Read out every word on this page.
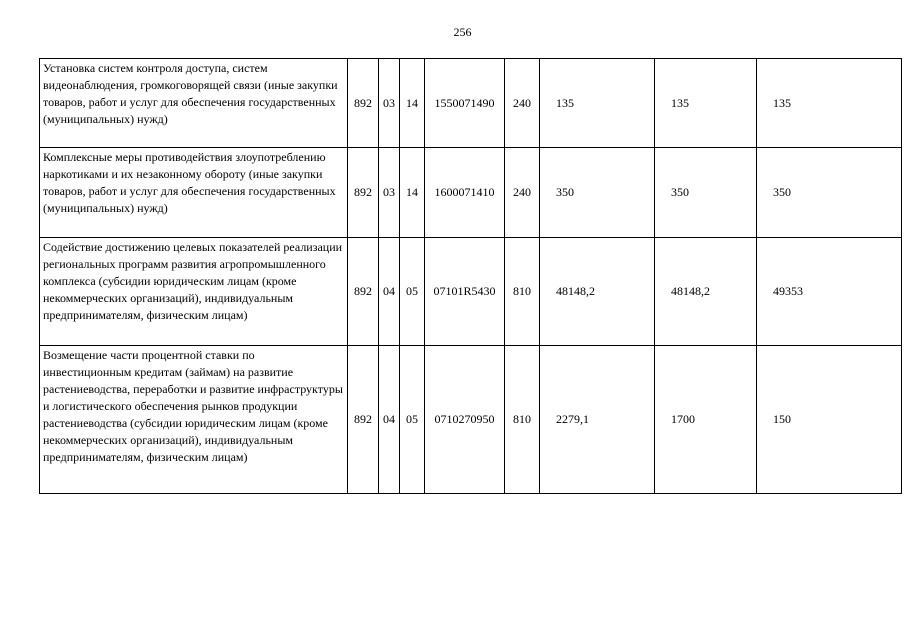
256
Установка систем контроля доступа, систем видеонаблюдения, громкоговорящей связи (иные закупки товаров, работ и услуг для обеспечения государственных (муниципальных) нужд)	892	03	14	1550071490	240	135	135	135
Комплексные меры противодействия злоупотреблению наркотиками и их незаконному обороту (иные закупки товаров, работ и услуг для обеспечения государственных (муниципальных) нужд)	892	03	14	1600071410	240	350	350	350
Содействие достижению целевых показателей реализации региональных программ развития агропромышленного комплекса (субсидии юридическим лицам (кроме некоммерческих организаций), индивидуальным предпринимателям, физическим лицам)	892	04	05	07101R5430	810	48148,2	48148,2	49353
Возмещение части процентной ставки по инвестиционным кредитам (займам) на развитие растениеводства, переработки и развитие инфраструктуры и логистического обеспечения рынков продукции растениеводства (субсидии юридическим лицам (кроме некоммерческих организаций), индивидуальным предпринимателям, физическим лицам)	892	04	05	0710270950	810	2279,1	1700	150
